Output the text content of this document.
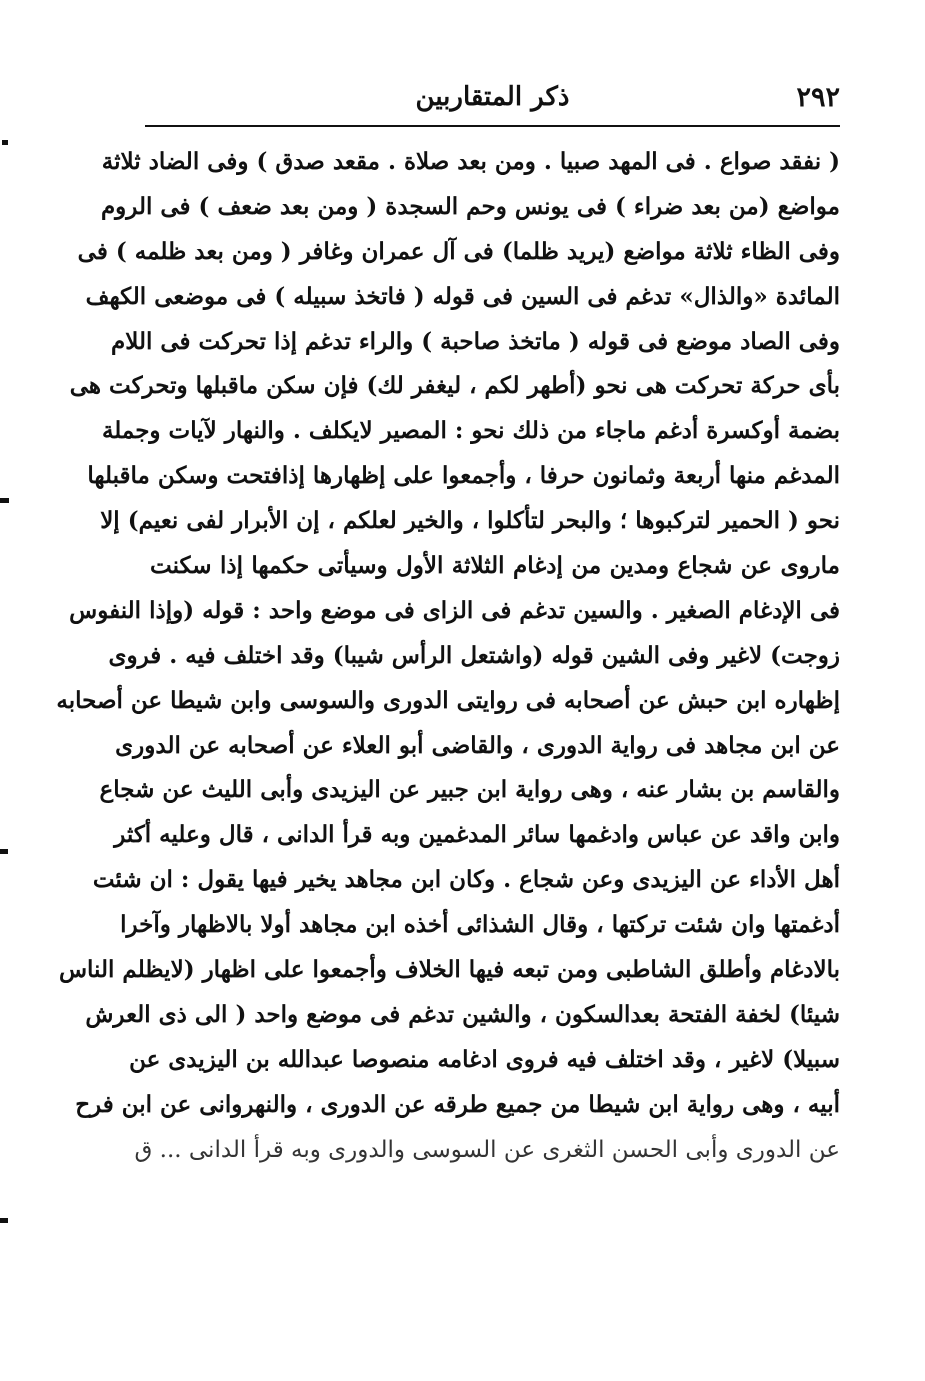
٢٩٢
ذكر المتقاربين
( نفقد صواع . فى المهد صبيا . ومن بعد صلاة . مقعد صدق ) وفى الضاد ثلاثة
مواضع (من بعد ضراء ) فى يونس وحم السجدة ( ومن بعد ضعف ) فى الروم
وفى الظاء ثلاثة مواضع (يريد ظلما) فى آل عمران وغافر ( ومن بعد ظلمه ) فى
المائدة «والذال» تدغم فى السين فى قوله ( فاتخذ سبيله ) فى موضعى الكهف
وفى الصاد موضع فى قوله ( ماتخذ صاحبة ) والراء تدغم إذا تحركت فى اللام
بأى حركة تحركت هى نحو (أطهر لكم ، ليغفر لك) فإن سكن ماقبلها وتحركت هى
بضمة أوكسرة أدغم ماجاء من ذلك نحو : المصير لايكلف . والنهار لآيات وجملة
المدغم منها أربعة وثمانون حرفا ، وأجمعوا على إظهارها إذافتحت وسكن ماقبلها
نحو ( الحمير لتركبوها ؛ والبحر لتأكلوا ، والخير لعلكم ، إن الأبرار لفى نعيم) إلا
ماروى عن شجاع ومدين من إدغام الثلاثة الأول وسيأتى حكمها إذا سكنت
فى الإدغام الصغير . والسين تدغم فى الزاى فى موضع واحد : قوله (وإذا النفوس
زوجت) لاغير وفى الشين قوله (واشتعل الرأس شيبا) وقد اختلف فيه . فروى
إظهاره ابن حبش عن أصحابه فى روايتى الدورى والسوسى وابن شيطا عن أصحابه
عن ابن مجاهد فى رواية الدورى ، والقاضى أبو العلاء عن أصحابه عن الدورى
والقاسم بن بشار عنه ، وهى رواية ابن جبير عن اليزيدى وأبى الليث عن شجاع
وابن واقد عن عباس وادغمها سائر المدغمين وبه قرأ الدانى ، قال وعليه أكثر
أهل الأداء عن اليزيدى وعن شجاع . وكان ابن مجاهد يخير فيها يقول : ان شئت
أدغمتها وان شئت تركتها ، وقال الشذائى أخذه ابن مجاهد أولا بالاظهار وآخرا
بالادغام وأطلق الشاطبى ومن تبعه فيها الخلاف وأجمعوا على اظهار (لايظلم الناس
شيئا) لخفة الفتحة بعدالسكون ، والشين تدغم فى موضع واحد ( الى ذى العرش
سبيلا) لاغير ، وقد اختلف فيه فروى ادغامه منصوصا عبدالله بن اليزيدى عن
أبيه ، وهى رواية ابن شيطا من جميع طرقه عن الدورى ، والنهروانى عن ابن فرح
عن الدورى وأبى الحسن الثغرى عن السوسى والدورى وبه قرأ الدانى ... ق
